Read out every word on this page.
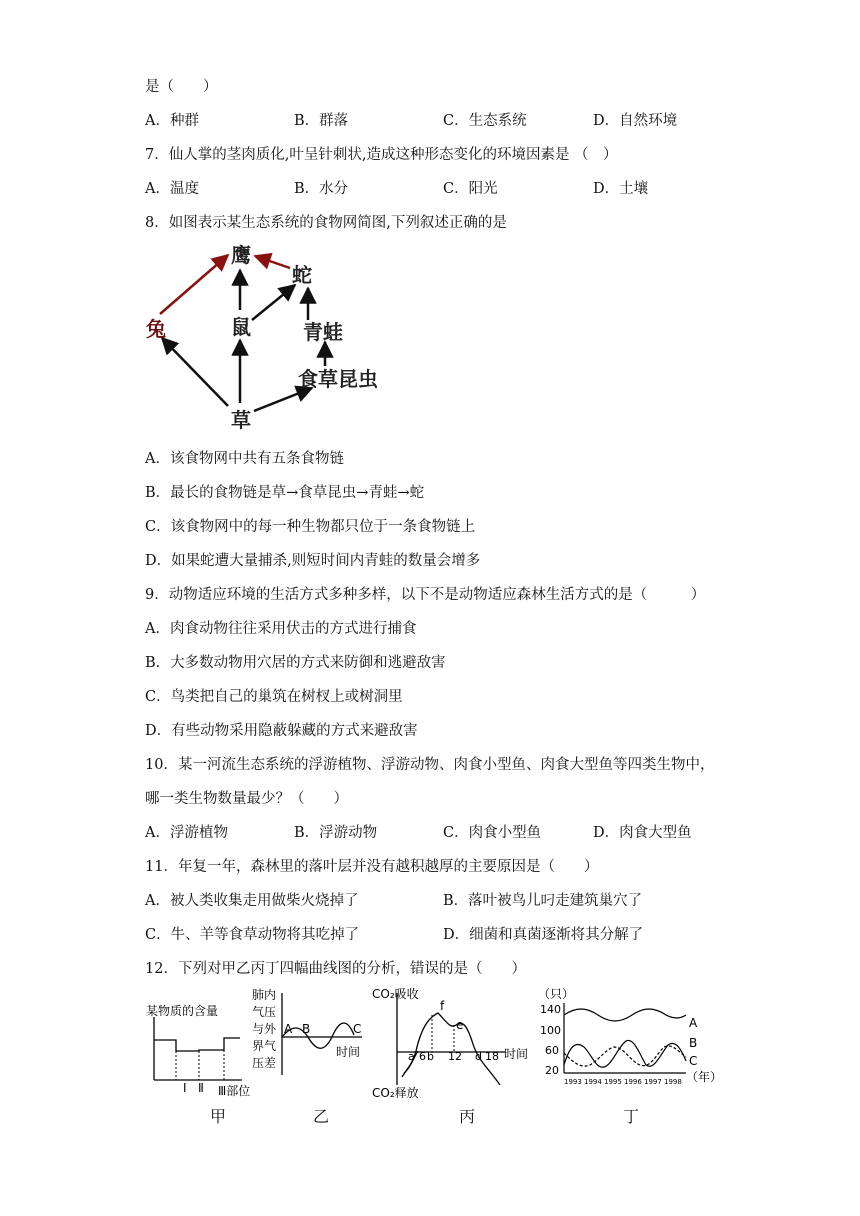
是（　　）
A．种群	B．群落	C．生态系统	D．自然环境
7．仙人掌的茎肉质化,叶呈针刺状,造成这种形态变化的环境因素是 （　）
A．温度	B．水分	C．阳光	D．土壤
8．如图表示某生态系统的食物网简图,下列叙述正确的是
鹰
蛇
兔	鼠	青蛙
食草昆虫
草
A．该食物网中共有五条食物链
B．最长的食物链是草→食草昆虫→青蛙→蛇
C．该食物网中的每一种生物都只位于一条食物链上
D．如果蛇遭大量捕杀,则短时间内青蛙的数量会增多
9．动物适应环境的生活方式多种多样，以下不是动物适应森林生活方式的是（　　　）
A．肉食动物往往采用伏击的方式进行捕食
B．大多数动物用穴居的方式来防御和逃避敌害
C．鸟类把自己的巢筑在树杈上或树洞里
D．有些动物采用隐蔽躲藏的方式来避敌害
10．某一河流生态系统的浮游植物、浮游动物、肉食小型鱼、肉食大型鱼等四类生物中，
哪一类生物数量最少？（　　）
A．浮游植物	B．浮游动物	C．肉食小型鱼	D．肉食大型鱼
11．年复一年，森林里的落叶层并没有越积越厚的主要原因是（　　）
A．被人类收集走用做柴火烧掉了	B．落叶被鸟儿叼走建筑巢穴了
C．牛、羊等食草动物将其吃掉了	D．细菌和真菌逐渐将其分解了
12．下列对甲乙丙丁四幅曲线图的分析，错误的是（　　）
某物质的含量
Ⅰ Ⅱ Ⅲ部位
甲
肺内
气压
与外
界气
压差
A B	C
时间
乙
CO₂吸收
f
e
a 6 b 12 d 18 时间
CO₂释放
丙
（只）
140
100
60
20
A
B
C
1993 1994 1995 1996 1997 1998 （年）
丁
